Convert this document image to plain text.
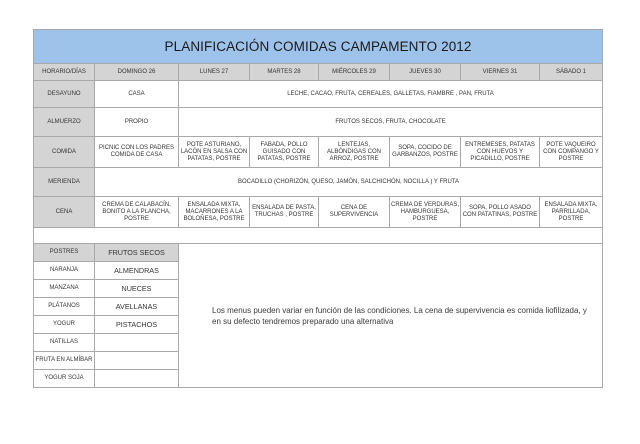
PLANIFICACIÓN COMIDAS CAMPAMENTO 2012							
HORARIO/DÍAS	DOMINGO 26	LUNES 27	MARTES 28	MIÉRCOLES 29	JUEVES 30	VIERNES 31	SÁBADO 1
DESAYUNO	CASA	LECHE, CACAO, FRUTA, CEREALES, GALLETAS, FIAMBRE , PAN, FRUTA					
ALMUERZO	PROPIO	FRUTOS SECOS, FRUTA, CHOCOLATE					
COMIDA	PICNIC CON LOS PADRES COMIDA DE CASA	POTE ASTURIANO, LACÓN EN SALSA CON PATATAS, POSTRE	FABADA, POLLO GUISADO CON PATATAS, POSTRE	LENTEJAS, ALBÓNDIGAS CON ARROZ, POSTRE	SOPA, COCIDO DE GARBANZOS, POSTRE	ENTREMESES, PATATAS CON HUEVOS Y PICADILLO, POSTRE	POTE VAQUEIRO CON COMPANGO Y POSTRE
MERIENDA	BOCADILLO (CHORIZÓN, QUESO, JAMÓN, SALCHICHÓN, NOCILLA ) Y FRUTA						
CENA	CREMA DE CALABACÍN, BONITO A LA PLANCHA, POSTRE	ENSALADA MIXTA, MACARRONES A LA BOLOÑESA, POSTRE	ENSALADA DE PASTA, TRUCHAS , POSTRE	CENA DE SUPERVIVENCIA	CREMA DE VERDURAS, HAMBURGUESA, POSTRE	SOPA, POLLO ASADO CON PATATINAS, POSTRE	ENSALADA MIXTA, PARRILLADA, POSTRE

POSTRES	FRUTOS SECOS	Los menus pueden variar en función de las condiciones. La cena de supervivencia es comida liofilizada, y en su defecto tendremos preparado una alternativa
NARANJA	ALMENDRAS	
MANZANA	NUECES	
PLÁTANOS	AVELLANAS	
YOGUR	PISTACHOS	
NATILLAS		
FRUTA EN ALMÍBAR		
YOGUR SOJA		
